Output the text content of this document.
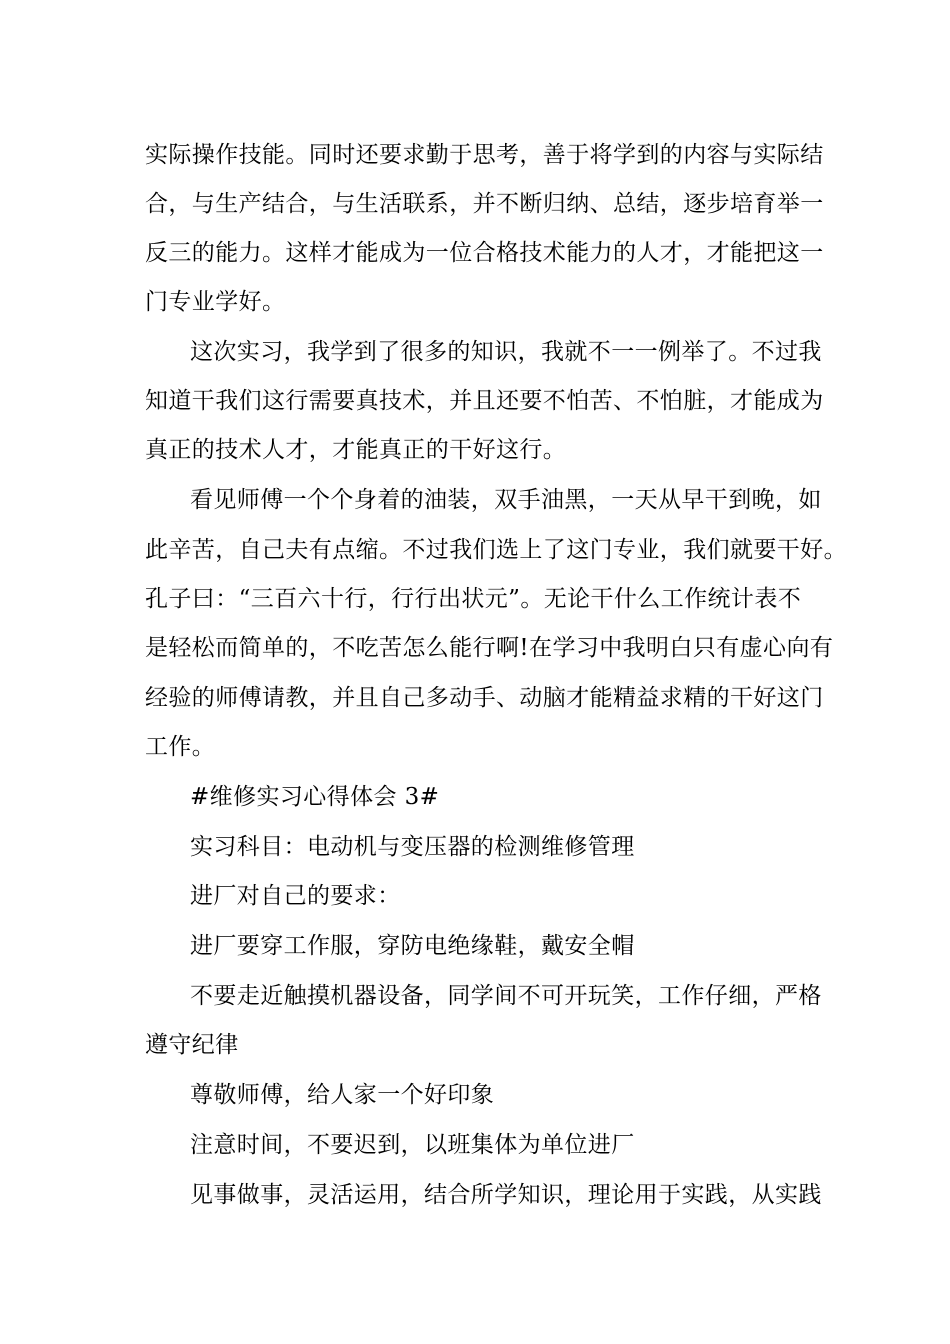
实际操作技能。同时还要求勤于思考，善于将学到的内容与实际结
合，与生产结合，与生活联系，并不断归纳、总结，逐步培育举一
反三的能力。这样才能成为一位合格技术能力的人才，才能把这一
门专业学好。
这次实习，我学到了很多的知识，我就不一一例举了。不过我
知道干我们这行需要真技术，并且还要不怕苦、不怕脏，才能成为
真正的技术人才，才能真正的干好这行。
看见师傅一个个身着的油装，双手油黑，一天从早干到晚，如
此辛苦，自己夫有点缩。不过我们选上了这门专业，我们就要干好。
孔子曰：“三百六十行，行行出状元”。无论干什么工作统计表不
是轻松而简单的，不吃苦怎么能行啊!在学习中我明白只有虚心向有
经验的师傅请教，并且自己多动手、动脑才能精益求精的干好这门
工作。
#维修实习心得体会 3#
实习科目：电动机与变压器的检测维修管理
进厂对自己的要求：
进厂要穿工作服，穿防电绝缘鞋，戴安全帽
不要走近触摸机器设备，同学间不可开玩笑，工作仔细，严格
遵守纪律
尊敬师傅，给人家一个好印象
注意时间，不要迟到，以班集体为单位进厂
见事做事，灵活运用，结合所学知识，理论用于实践，从实践
